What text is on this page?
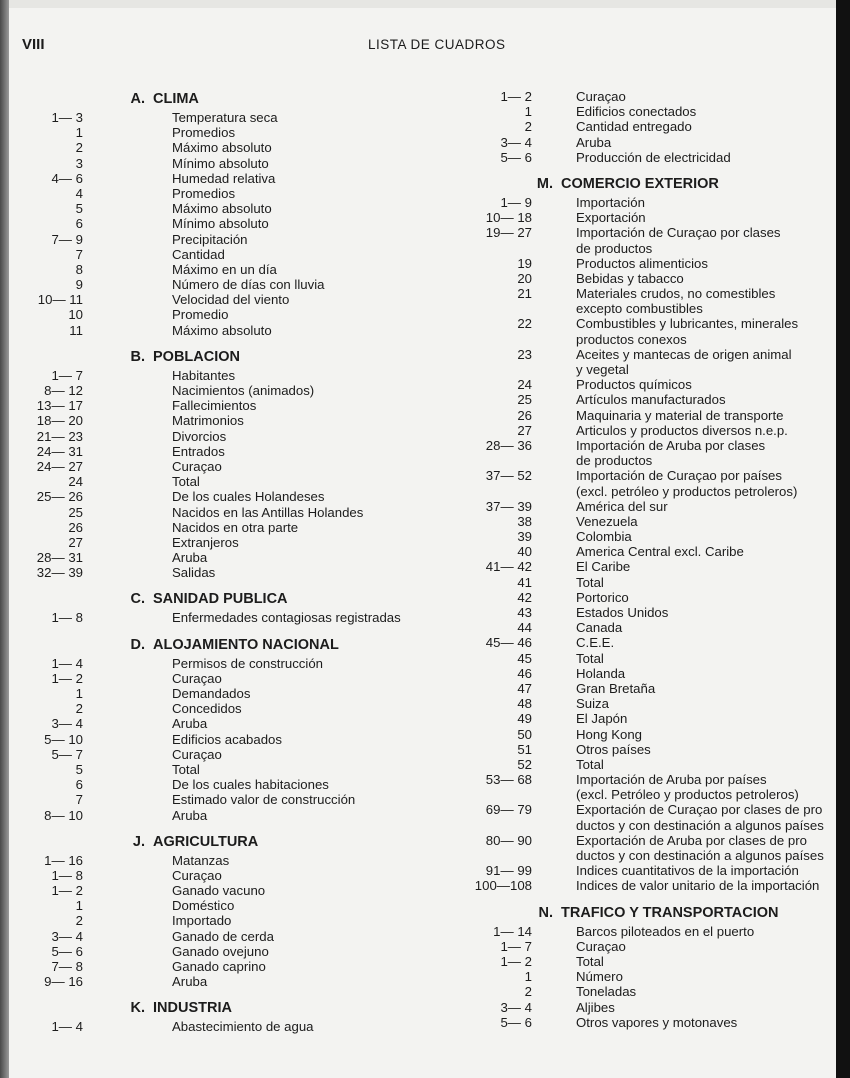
VIII	LISTA DE CUADROS
A. CLIMA
1— 3	Temperatura seca
1	Promedios
2	Máximo absoluto
3	Mínimo absoluto
4— 6	Humedad relativa
4	Promedios
5	Máximo absoluto
6	Mínimo absoluto
7— 9	Precipitación
7	Cantidad
8	Máximo en un día
9	Número de días con lluvia
10— 11	Velocidad del viento
10	Promedio
11	Máximo absoluto
B. POBLACION
1— 7	Habitantes
8— 12	Nacimientos (animados)
13— 17	Fallecimientos
18— 20	Matrimonios
21— 23	Divorcios
24— 31	Entrados
24— 27	Curaçao
24	Total
25— 26	De los cuales Holandeses
25	Nacidos en las Antillas Holandes
26	Nacidos en otra parte
27	Extranjeros
28— 31	Aruba
32— 39	Salidas
C. SANIDAD PUBLICA
1— 8	Enfermedades contagiosas registradas
D. ALOJAMIENTO NACIONAL
1— 4	Permisos de construcción
1— 2	Curaçao
1	Demandados
2	Concedidos
3— 4	Aruba
5— 10	Edificios acabados
5— 7	Curaçao
5	Total
6	De los cuales habitaciones
7	Estimado valor de construcción
8— 10	Aruba
J. AGRICULTURA
1— 16	Matanzas
1— 8	Curaçao
1— 2	Ganado vacuno
1	Doméstico
2	Importado
3— 4	Ganado de cerda
5— 6	Ganado ovejuno
7— 8	Ganado caprino
9— 16	Aruba
K. INDUSTRIA
1— 4	Abastecimiento de agua
1— 2	Curaçao
1	Edificios conectados
2	Cantidad entregado
3— 4	Aruba
5— 6	Producción de electricidad
M. COMERCIO EXTERIOR
1— 9	Importación
10— 18	Exportación
19— 27	Importación de Curaçao por clases
de productos
19	Productos alimenticios
20	Bebidas y tabacco
21	Materiales crudos, no comestibles
excepto combustibles
22	Combustibles y lubricantes, minerales
productos conexos
23	Aceites y mantecas de origen animal
y vegetal
24	Productos químicos
25	Artículos manufacturados
26	Maquinaria y material de transporte
27	Articulos y productos diversos n.e.p.
28— 36	Importación de Aruba por clases
de productos
37— 52	Importación de Curaçao por países
(excl. petróleo y productos petroleros)
37— 39	América del sur
38	Venezuela
39	Colombia
40	America Central excl. Caribe
41— 42	El Caribe
41	Total
42	Portorico
43	Estados Unidos
44	Canada
45— 46	C.E.E.
45	Total
46	Holanda
47	Gran Bretaña
48	Suiza
49	El Japón
50	Hong Kong
51	Otros países
52	Total
53— 68	Importación de Aruba por países
(excl. Petróleo y productos petroleros)
69— 79	Exportación de Curaçao por clases de pro
ductos y con destinación a algunos países
80— 90	Exportación de Aruba por clases de pro
ductos y con destinación a algunos países
91— 99	Indices cuantitativos de la importación
100—108	Indices de valor unitario de la importación
N. TRAFICO Y TRANSPORTACION
1— 14	Barcos piloteados en el puerto
1— 7	Curaçao
1— 2	Total
1	Número
2	Toneladas
3— 4	Aljibes
5— 6	Otros vapores y motonaves
